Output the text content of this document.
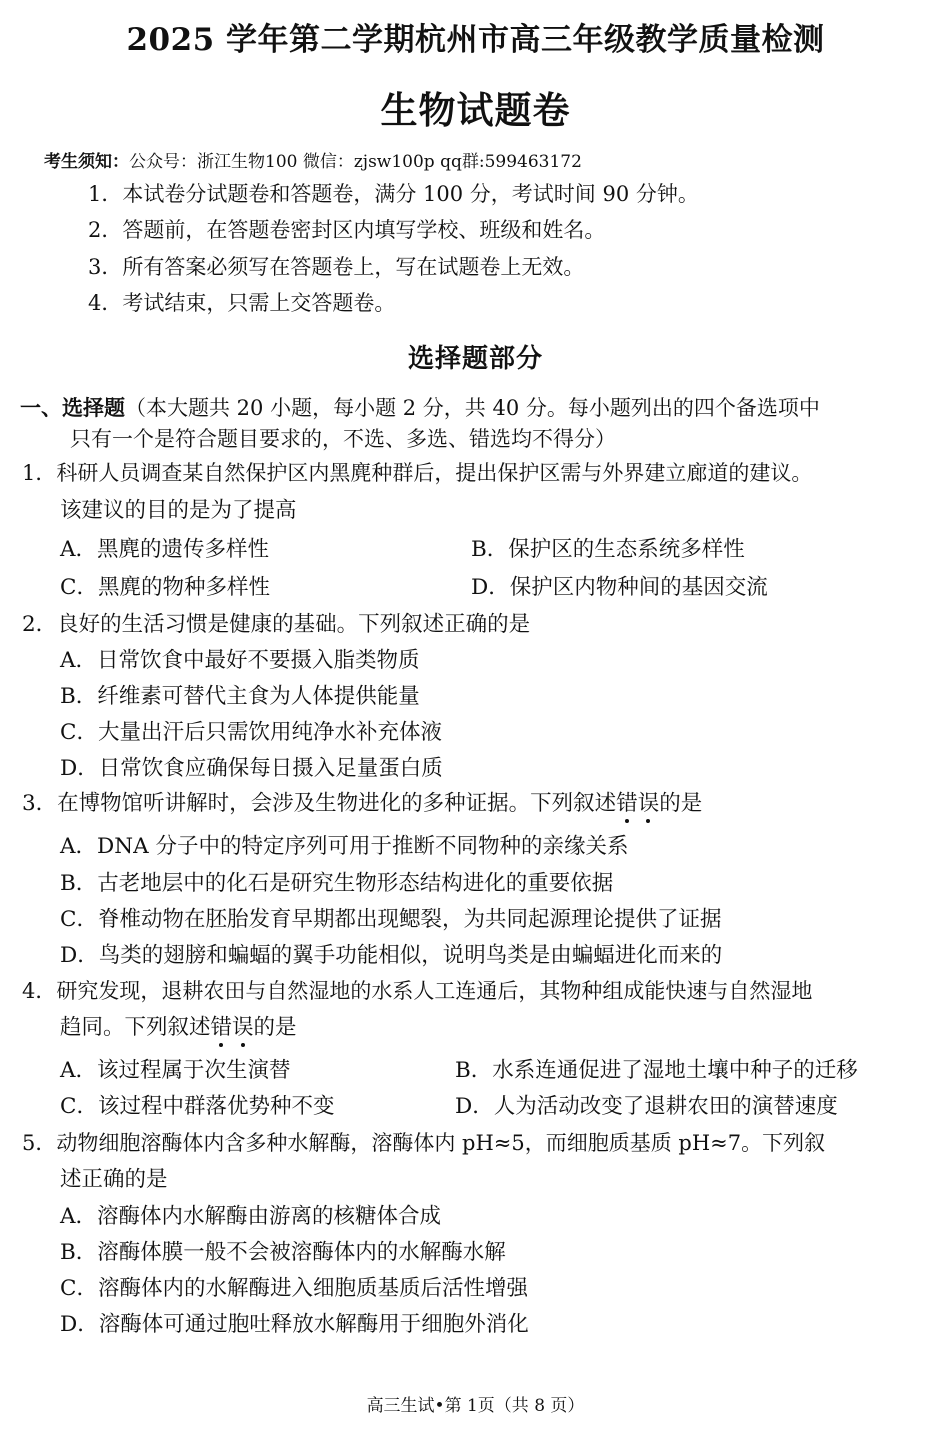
2025 学年第二学期杭州市高三年级教学质量检测
生物试题卷
考生须知：公众号：浙江生物100 微信：zjsw100p qq群:599463172
1．本试卷分试题卷和答题卷，满分 100 分，考试时间 90 分钟。
2．答题前，在答题卷密封区内填写学校、班级和姓名。
3．所有答案必须写在答题卷上，写在试题卷上无效。
4．考试结束，只需上交答题卷。
选择题部分
一、选择题（本大题共 20 小题，每小题 2 分，共 40 分。每小题列出的四个备选项中
只有一个是符合题目要求的，不选、多选、错选均不得分）
1．科研人员调查某自然保护区内黑麂种群后，提出保护区需与外界建立廊道的建议。
该建议的目的是为了提高
A．黑麂的遗传多样性	B．保护区的生态系统多样性
C．黑麂的物种多样性	D．保护区内物种间的基因交流
2．良好的生活习惯是健康的基础。下列叙述正确的是
A．日常饮食中最好不要摄入脂类物质
B．纤维素可替代主食为人体提供能量
C．大量出汗后只需饮用纯净水补充体液
D．日常饮食应确保每日摄入足量蛋白质
3．在博物馆听讲解时，会涉及生物进化的多种证据。下列叙述错误的是
A．DNA 分子中的特定序列可用于推断不同物种的亲缘关系
B．古老地层中的化石是研究生物形态结构进化的重要依据
C．脊椎动物在胚胎发育早期都出现鳃裂，为共同起源理论提供了证据
D．鸟类的翅膀和蝙蝠的翼手功能相似，说明鸟类是由蝙蝠进化而来的
4．研究发现，退耕农田与自然湿地的水系人工连通后，其物种组成能快速与自然湿地
趋同。下列叙述错误的是
A．该过程属于次生演替	B．水系连通促进了湿地土壤中种子的迁移
C．该过程中群落优势种不变	D．人为活动改变了退耕农田的演替速度
5．动物细胞溶酶体内含多种水解酶，溶酶体内 pH≈5，而细胞质基质 pH≈7。下列叙
述正确的是
A．溶酶体内水解酶由游离的核糖体合成
B．溶酶体膜一般不会被溶酶体内的水解酶水解
C．溶酶体内的水解酶进入细胞质基质后活性增强
D．溶酶体可通过胞吐释放水解酶用于细胞外消化
高三生试•第 1页（共 8 页）
